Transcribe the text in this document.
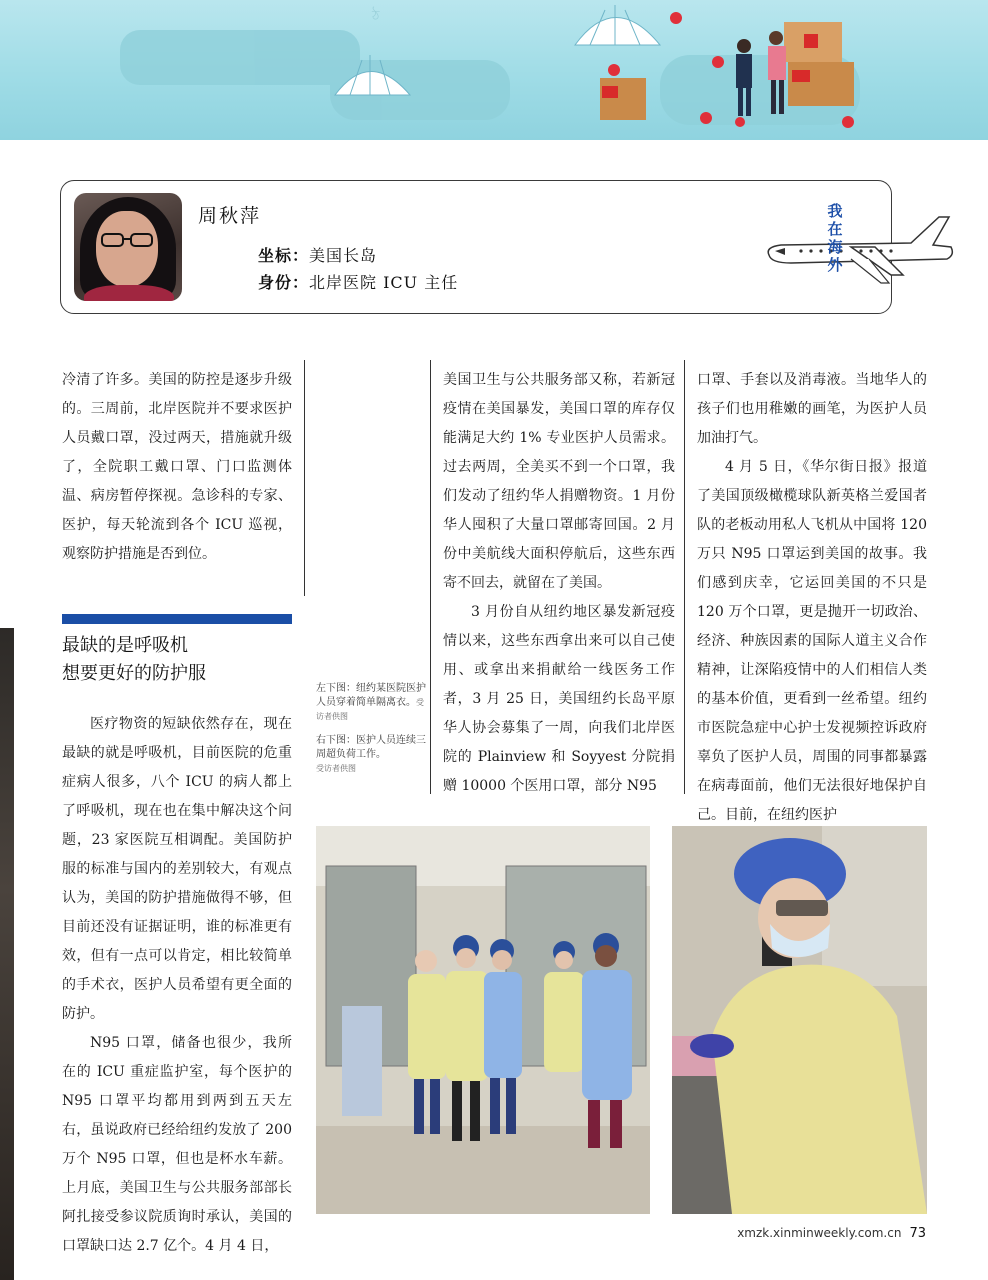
ঠ
周秋萍
坐标：美国长岛
身份：北岸医院 ICU 主任
我
在
海
外

冷清了许多。美国的防控是逐步升级的。三周前，北岸医院并不要求医护人员戴口罩，没过两天，措施就升级了，全院职工戴口罩、门口监测体温、病房暂停探视。急诊科的专家、医护，每天轮流到各个 ICU 巡视，观察防护措施是否到位。

最缺的是呼吸机
想要更好的防护服

医疗物资的短缺依然存在，现在最缺的就是呼吸机，目前医院的危重症病人很多，八个 ICU 的病人都上了呼吸机，现在也在集中解决这个问题，23 家医院互相调配。美国防护服的标准与国内的差别较大，有观点认为，美国的防护措施做得不够，但目前还没有证据证明，谁的标准更有效，但有一点可以肯定，相比较简单的手术衣，医护人员希望有更全面的防护。

N95 口罩，储备也很少，我所在的 ICU 重症监护室，每个医护的 N95 口罩平均都用到两到五天左右，虽说政府已经给纽约发放了 200 万个 N95 口罩，但也是杯水车薪。上月底，美国卫生与公共服务部部长阿扎接受参议院质询时承认，美国的口罩缺口达 2.7 亿个。4 月 4 日，

左下图：纽约某医院医护人员穿着简单隔离衣。受访者供图

右下图：医护人员连续三周超负荷工作。
受访者供图

美国卫生与公共服务部又称，若新冠疫情在美国暴发，美国口罩的库存仅能满足大约 1% 专业医护人员需求。过去两周，全美买不到一个口罩，我们发动了纽约华人捐赠物资。1 月份华人囤积了大量口罩邮寄回国。2 月份中美航线大面积停航后，这些东西寄不回去，就留在了美国。

3 月份自从纽约地区暴发新冠疫情以来，这些东西拿出来可以自己使用、或拿出来捐献给一线医务工作者，3 月 25 日，美国纽约长岛平原华人协会募集了一周，向我们北岸医院的 Plainview 和 Soyyest 分院捐赠 10000 个医用口罩，部分 N95

口罩、手套以及消毒液。当地华人的孩子们也用稚嫩的画笔，为医护人员加油打气。

4 月 5 日，《华尔街日报》报道了美国顶级橄榄球队新英格兰爱国者队的老板动用私人飞机从中国将 120 万只 N95 口罩运到美国的故事。我们感到庆幸，它运回美国的不只是 120 万个口罩，更是抛开一切政治、经济、种族因素的国际人道主义合作精神，让深陷疫情中的人们相信人类的基本价值，更看到一丝希望。纽约市医院急症中心护士发视频控诉政府辜负了医护人员，周围的同事都暴露在病毒面前，他们无法很好地保护自己。目前，在纽约医护

xmzk.xinminweekly.com.cn 73
